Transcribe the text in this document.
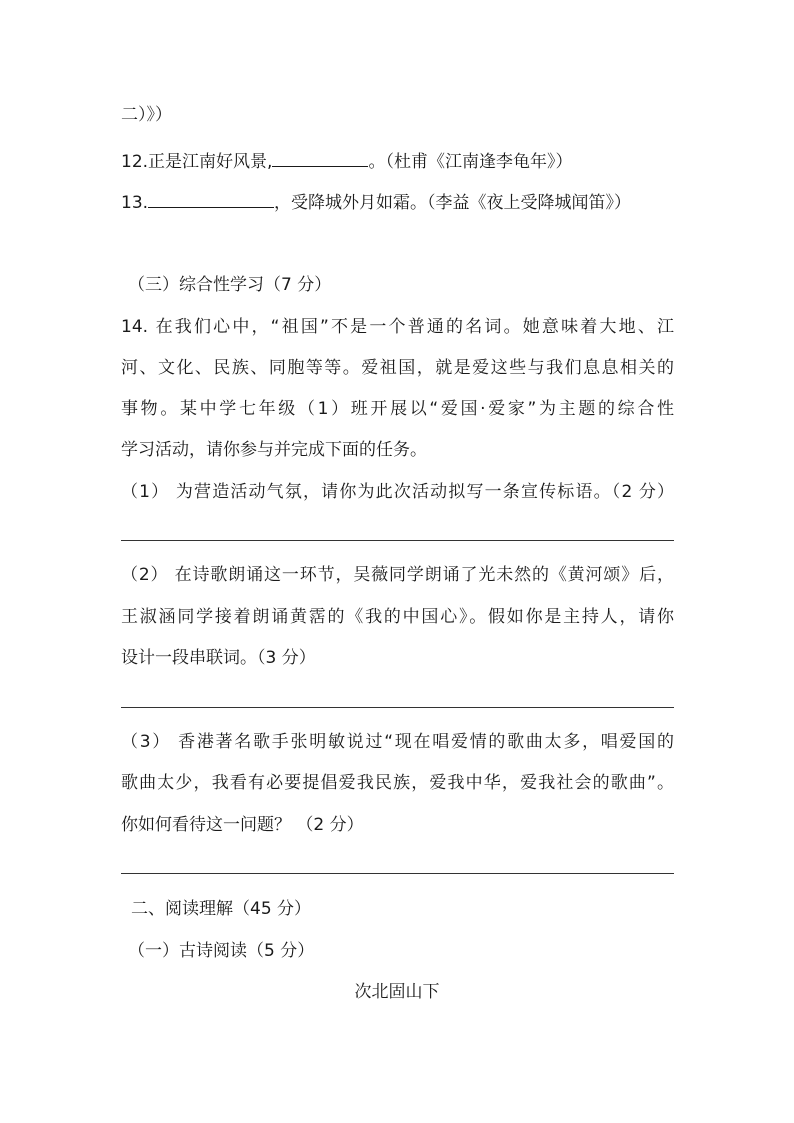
二）》）
12.正是江南好风景,	。（杜甫《江南逢李龟年》）
13.	，受降城外月如霜。（李益《夜上受降城闻笛》）
（三）综合性学习（7 分）
14. 在我们心中，“祖国”不是一个普通的名词。她意味着大地、江
河、文化、民族、同胞等等。爱祖国，就是爱这些与我们息息相关的
事物。某中学七年级（1）班开展以“爱国·爱家”为主题的综合性
学习活动，请你参与并完成下面的任务。
（1） 为营造活动气氛，请你为此次活动拟写一条宣传标语。（2 分）
（2） 在诗歌朗诵这一环节，吴薇同学朗诵了光未然的《黄河颂》后，
王淑涵同学接着朗诵黄霑的《我的中国心》。假如你是主持人，请你
设计一段串联词。（3 分）
（3） 香港著名歌手张明敏说过“现在唱爱情的歌曲太多，唱爱国的
歌曲太少，我看有必要提倡爱我民族，爱我中华，爱我社会的歌曲”。
你如何看待这一问题？ （2 分）
二、阅读理解（45 分）
（一）古诗阅读（5 分）
次北固山下
